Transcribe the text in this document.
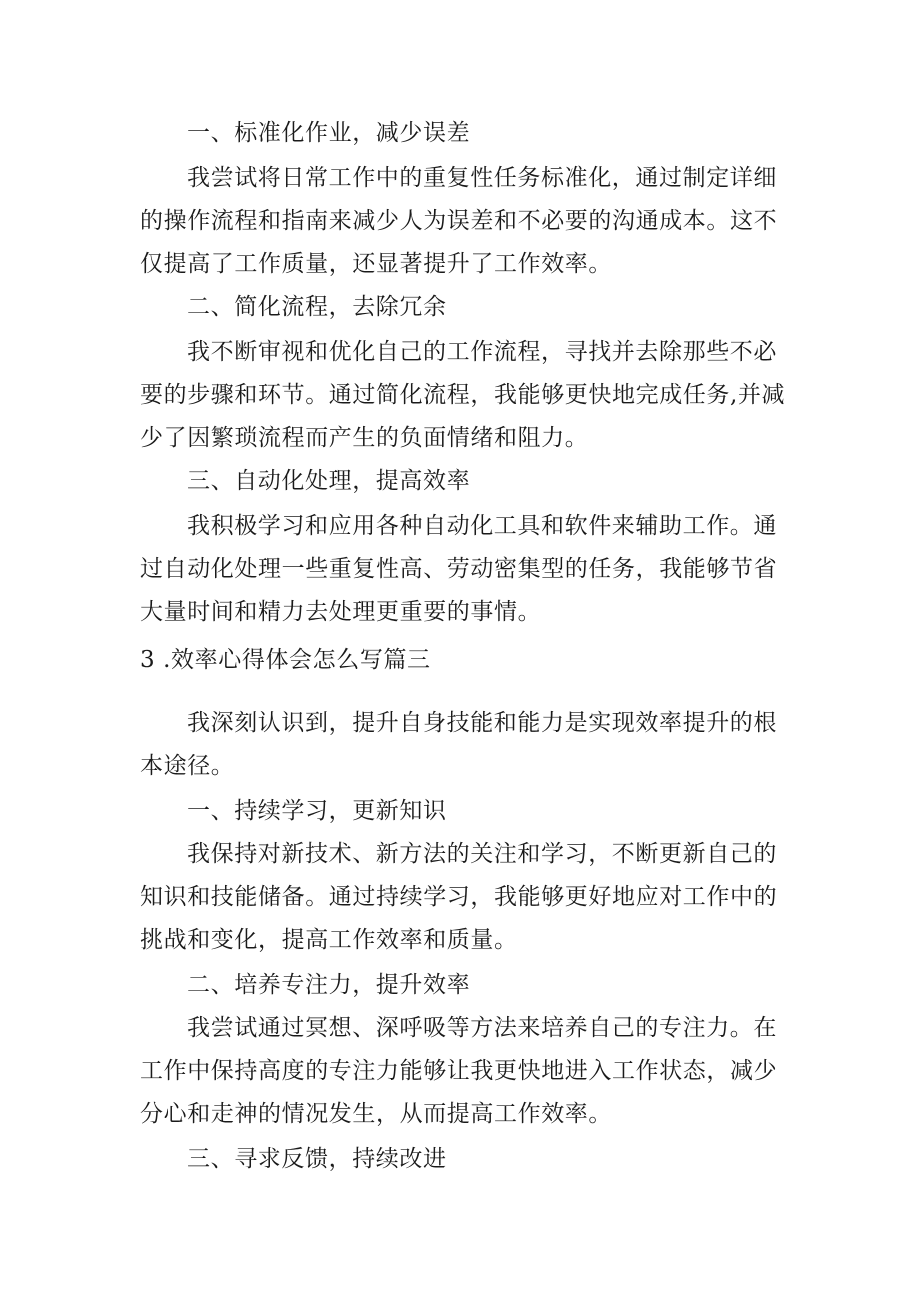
一、标准化作业，减少误差
我尝试将日常工作中的重复性任务标准化，通过制定详细
的操作流程和指南来减少人为误差和不必要的沟通成本。这不
仅提高了工作质量，还显著提升了工作效率。
二、简化流程，去除冗余
我不断审视和优化自己的工作流程，寻找并去除那些不必
要的步骤和环节。通过简化流程，我能够更快地完成任务,并减
少了因繁琐流程而产生的负面情绪和阻力。
三、自动化处理，提高效率
我积极学习和应用各种自动化工具和软件来辅助工作。通
过自动化处理一些重复性高、劳动密集型的任务，我能够节省
大量时间和精力去处理更重要的事情。
3 .效率心得体会怎么写篇三
我深刻认识到，提升自身技能和能力是实现效率提升的根
本途径。
一、持续学习，更新知识
我保持对新技术、新方法的关注和学习，不断更新自己的
知识和技能储备。通过持续学习，我能够更好地应对工作中的
挑战和变化，提高工作效率和质量。
二、培养专注力，提升效率
我尝试通过冥想、深呼吸等方法来培养自己的专注力。在
工作中保持高度的专注力能够让我更快地进入工作状态，减少
分心和走神的情况发生，从而提高工作效率。
三、寻求反馈，持续改进
